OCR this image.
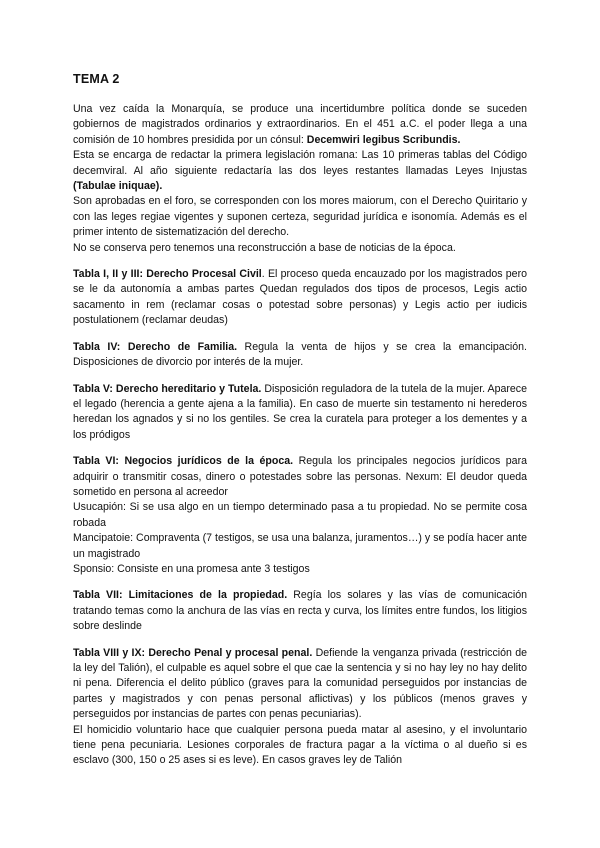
TEMA 2

Una vez caída la Monarquía, se produce una incertidumbre política donde se suceden gobiernos de magistrados ordinarios y extraordinarios. En el 451 a.C. el poder llega a una comisión de 10 hombres presidida por un cónsul: Decemwiri legibus Scribundis.

Esta se encarga de redactar la primera legislación romana: Las 10 primeras tablas del Código decemviral. Al año siguiente redactaría las dos leyes restantes llamadas Leyes Injustas (Tabulae iniquae).

Son aprobadas en el foro, se corresponden con los mores maiorum, con el Derecho Quiritario y con las leges regiae vigentes y suponen certeza, seguridad jurídica e isonomía. Además es el primer intento de sistematización del derecho.

No se conserva pero tenemos una reconstrucción a base de noticias de la época.

Tabla I, II y III: Derecho Procesal Civil. El proceso queda encauzado por los magistrados pero se le da autonomía a ambas partes Quedan regulados dos tipos de procesos, Legis actio sacamento in rem (reclamar cosas o potestad sobre personas) y Legis actio per iudicis postulationem (reclamar deudas)

Tabla IV: Derecho de Familia. Regula la venta de hijos y se crea la emancipación. Disposiciones de divorcio por interés de la mujer.

Tabla V: Derecho hereditario y Tutela. Disposición reguladora de la tutela de la mujer. Aparece el legado (herencia a gente ajena a la familia). En caso de muerte sin testamento ni herederos heredan los agnados y si no los gentiles. Se crea la curatela para proteger a los dementes y a los pródigos

Tabla VI: Negocios jurídicos de la época. Regula los principales negocios jurídicos para adquirir o transmitir cosas, dinero o potestades sobre las personas. Nexum: El deudor queda sometido en persona al acreedor

Usucapión: Si se usa algo en un tiempo determinado pasa a tu propiedad. No se permite cosa robada

Mancipatoie: Compraventa (7 testigos, se usa una balanza, juramentos…) y se podía hacer ante un magistrado

Sponsio: Consiste en una promesa ante 3 testigos

Tabla VII: Limitaciones de la propiedad. Regía los solares y las vías de comunicación tratando temas como la anchura de las vías en recta y curva, los límites entre fundos, los litigios sobre deslinde

Tabla VIII y IX: Derecho Penal y procesal penal. Defiende la venganza privada (restricción de la ley del Talión), el culpable es aquel sobre el que cae la sentencia y si no hay ley no hay delito ni pena. Diferencia el delito público (graves para la comunidad perseguidos por instancias de partes y magistrados y con penas personal aflictivas) y los públicos (menos graves y perseguidos por instancias de partes con penas pecuniarias).

El homicidio voluntario hace que cualquier persona pueda matar al asesino, y el involuntario tiene pena pecuniaria. Lesiones corporales de fractura pagar a la víctima o al dueño si es esclavo (300, 150 o 25 ases si es leve). En casos graves ley de Talión
